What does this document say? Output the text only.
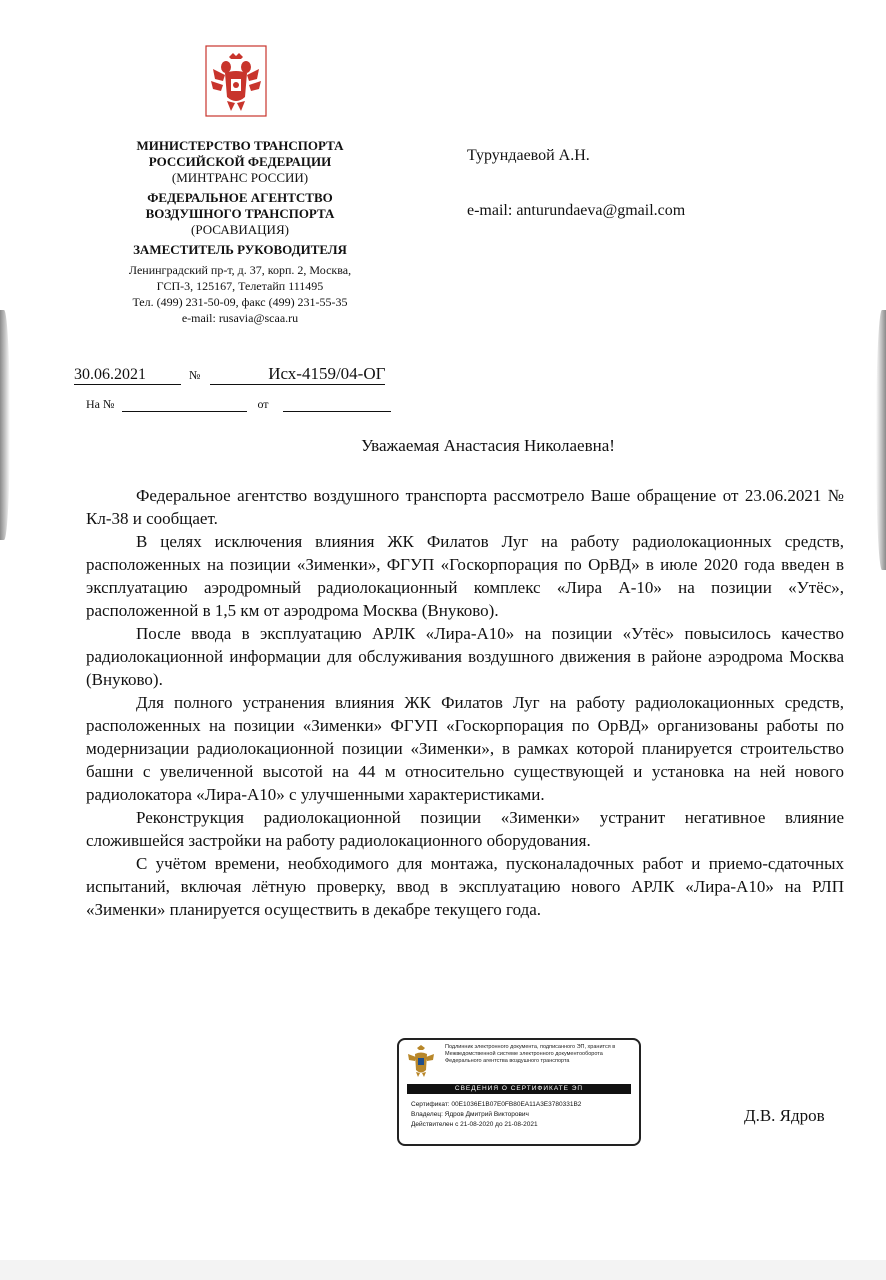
МИНИСТЕРСТВО ТРАНСПОРТА
РОССИЙСКОЙ ФЕДЕРАЦИИ
(МИНТРАНС РОССИИ)
ФЕДЕРАЛЬНОЕ АГЕНТСТВО
ВОЗДУШНОГО ТРАНСПОРТА
(РОСАВИАЦИЯ)
ЗАМЕСТИТЕЛЬ РУКОВОДИТЕЛЯ
Ленинградский пр-т, д. 37, корп. 2, Москва,
ГСП-3, 125167, Телетайп 111495
Тел. (499) 231-50-09, факс (499) 231-55-35
e-mail: rusavia@scaa.ru
Турундаевой А.Н.
e-mail: anturundaeva@gmail.com
30.06.2021	№	Исх-4159/04-ОГ
На №	от
Уважаемая Анастасия Николаевна!

Федеральное агентство воздушного транспорта рассмотрело Ваше обращение от 23.06.2021 № Кл-38 и сообщает.

В целях исключения влияния ЖК Филатов Луг на работу радиолокационных средств, расположенных на позиции «Зименки», ФГУП «Госкорпорация по ОрВД» в июле 2020 года введен в эксплуатацию аэродромный радиолокационный комплекс «Лира А-10» на позиции «Утёс», расположенной в 1,5 км от аэродрома Москва (Внуково).

После ввода в эксплуатацию АРЛК «Лира-А10» на позиции «Утёс» повысилось качество радиолокационной информации для обслуживания воздушного движения в районе аэродрома Москва (Внуково).

Для полного устранения влияния ЖК Филатов Луг на работу радиолокационных средств, расположенных на позиции «Зименки» ФГУП «Госкорпорация по ОрВД» организованы работы по модернизации радиолокационной позиции «Зименки», в рамках которой планируется строительство башни с увеличенной высотой на 44 м относительно существующей и установка на ней нового радиолокатора «Лира-А10» с улучшенными характеристиками.

Реконструкция радиолокационной позиции «Зименки» устранит негативное влияние сложившейся застройки на работу радиолокационного оборудования.

С учётом времени, необходимого для монтажа, пусконаладочных работ и приемо-сдаточных испытаний, включая лётную проверку, ввод в эксплуатацию нового АРЛК «Лира-А10» на РЛП «Зименки» планируется осуществить в декабре текущего года.

Подлинник электронного документа, подписанного ЭП, хранится в Межведомственной системе электронного документооборота Федерального агентства воздушного транспорта
СВЕДЕНИЯ О СЕРТИФИКАТЕ ЭП
Сертификат: 00E1036E1B07E0FB80EA11A3E3780331B2
Владелец: Ядров Дмитрий Викторович
Действителен с 21-08-2020 до 21-08-2021	Д.В. Ядров
